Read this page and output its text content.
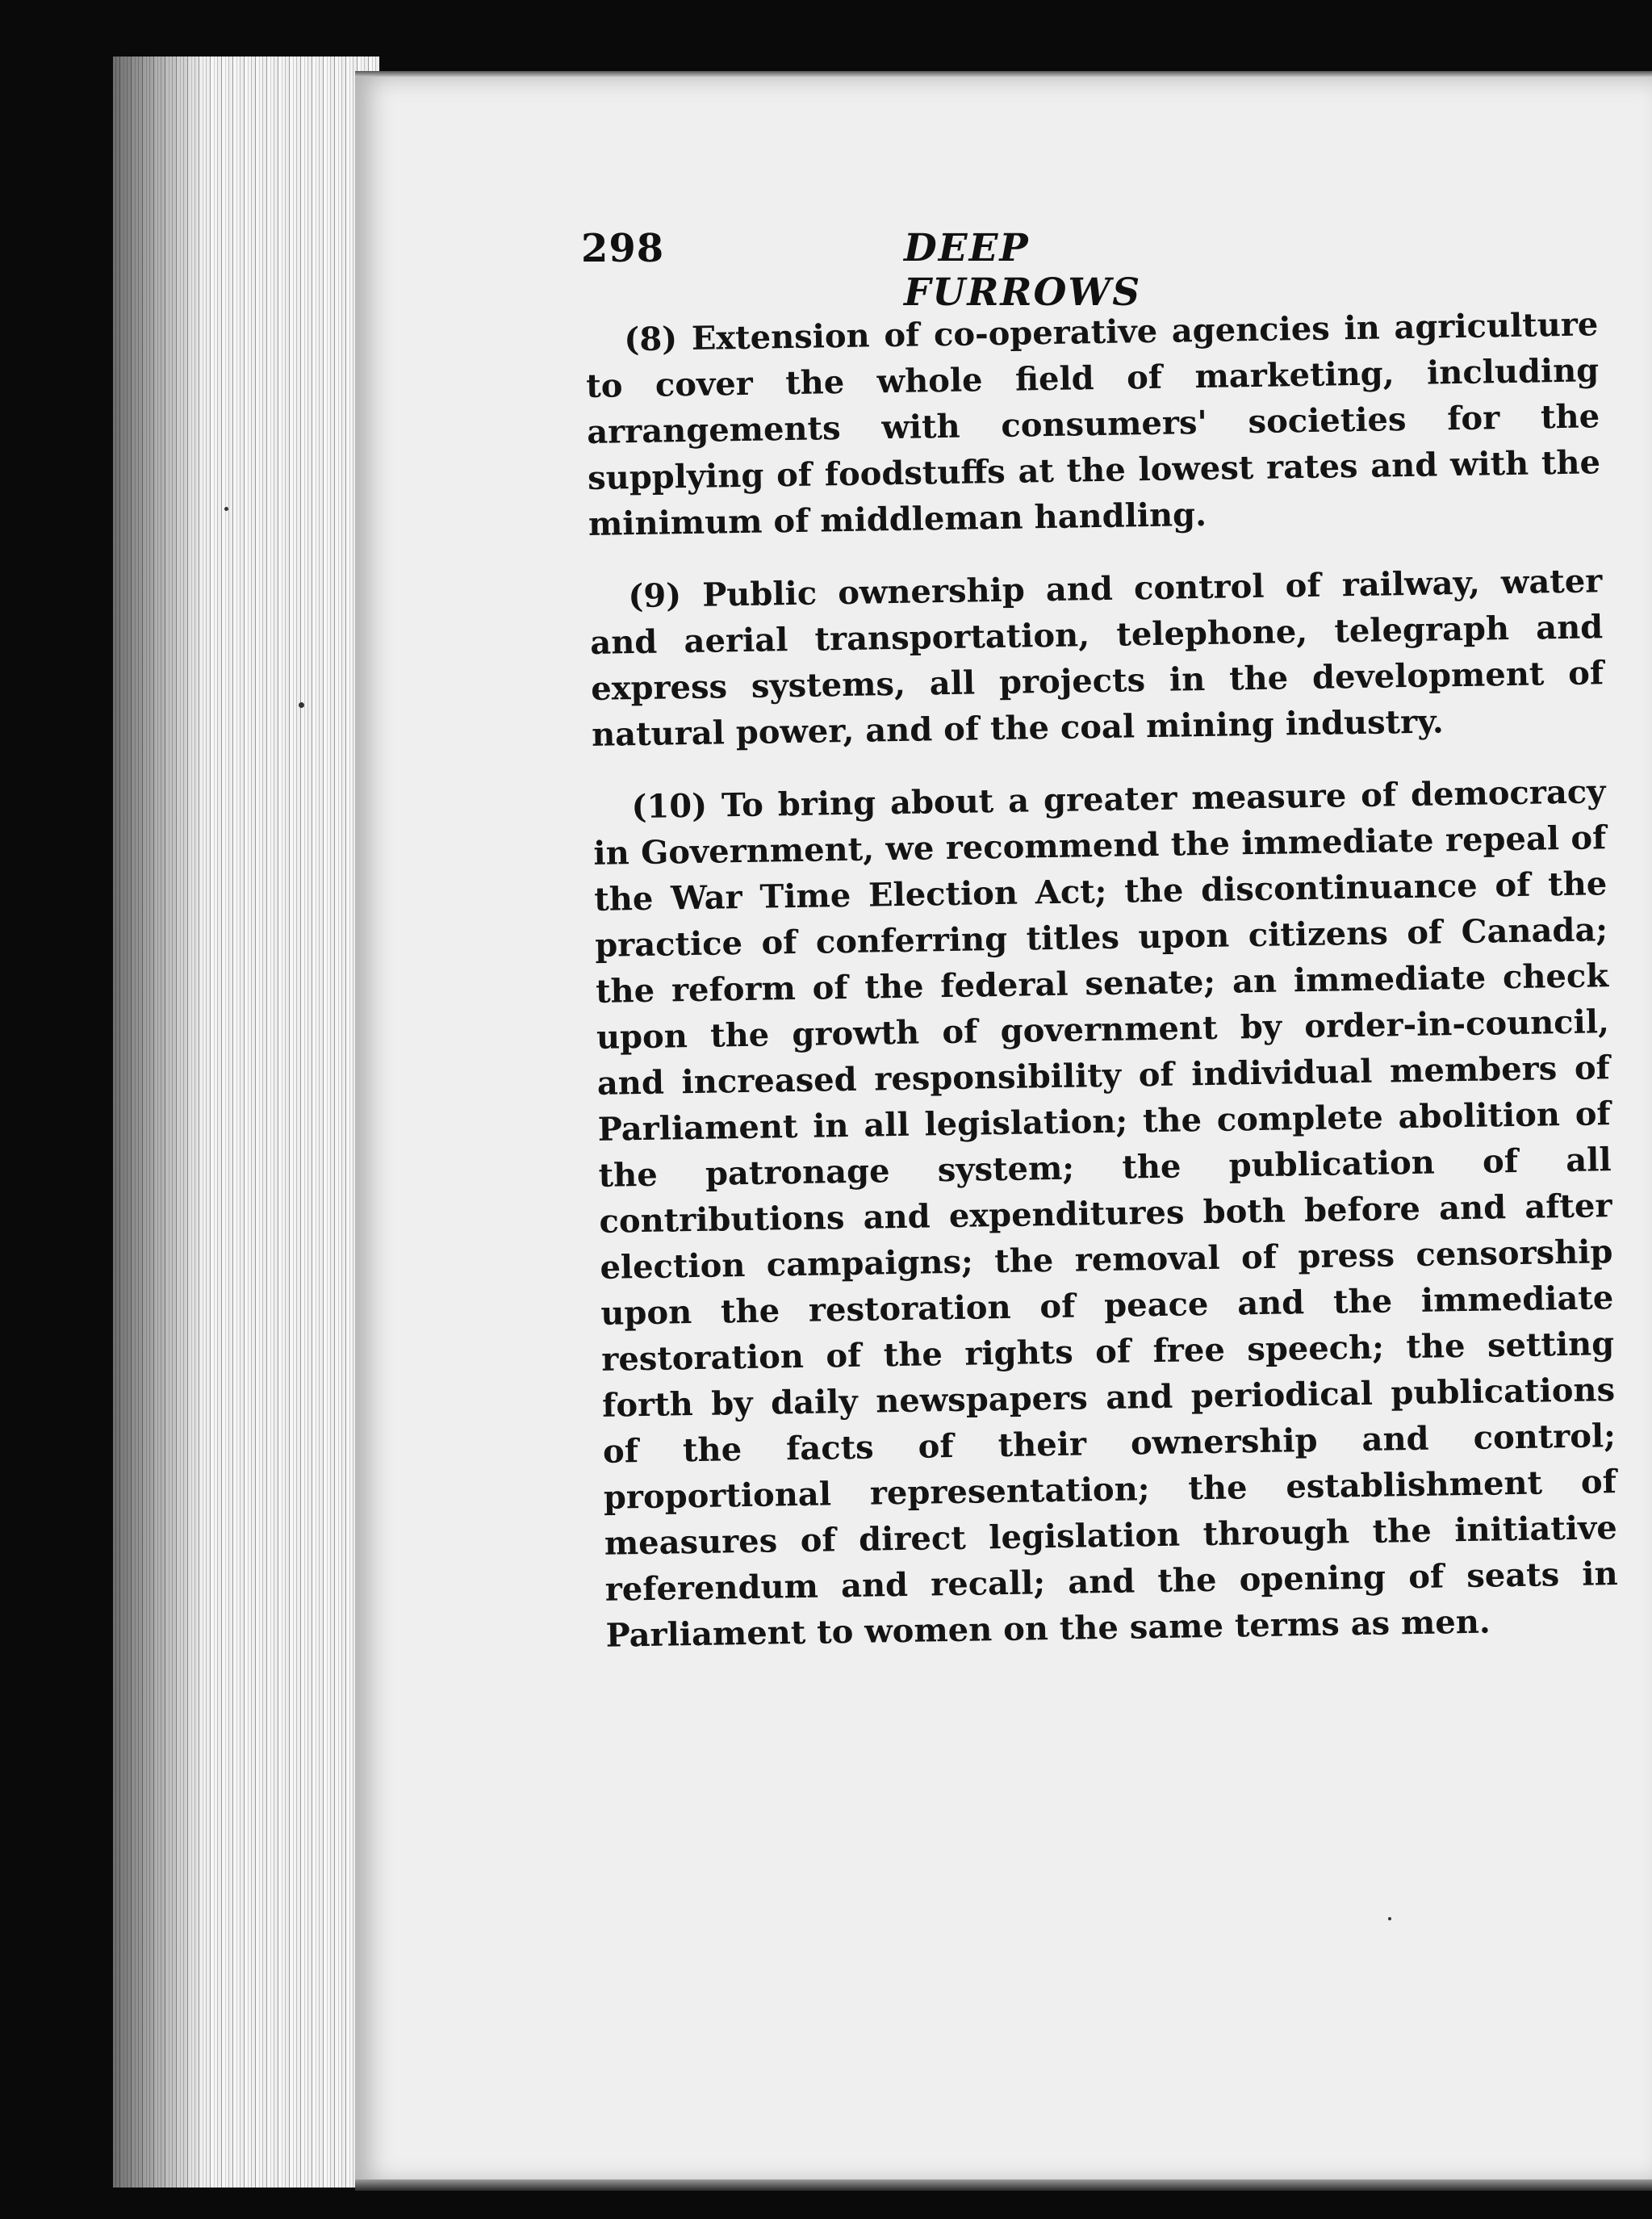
298	DEEP FURROWS

(8) Extension of co-operative agencies in agriculture to cover the whole field of marketing, including arrangements with consumers' societies for the supplying of foodstuffs at the lowest rates and with the minimum of middleman handling.

(9) Public ownership and control of railway, water and aerial transportation, telephone, telegraph and express systems, all projects in the development of natural power, and of the coal mining industry.

(10) To bring about a greater measure of democracy in Government, we recommend the immediate repeal of the War Time Election Act; the discontinuance of the practice of conferring titles upon citizens of Canada; the reform of the federal senate; an immediate check upon the growth of government by order-in-council, and increased responsibility of individual members of Parliament in all legislation; the complete abolition of the patronage system; the publication of all contributions and expenditures both before and after election campaigns; the removal of press censorship upon the restoration of peace and the immediate restoration of the rights of free speech; the setting forth by daily newspapers and periodical publications of the facts of their ownership and control; proportional representation; the establishment of measures of direct legislation through the initiative referendum and recall; and the opening of seats in Parliament to women on the same terms as men.
